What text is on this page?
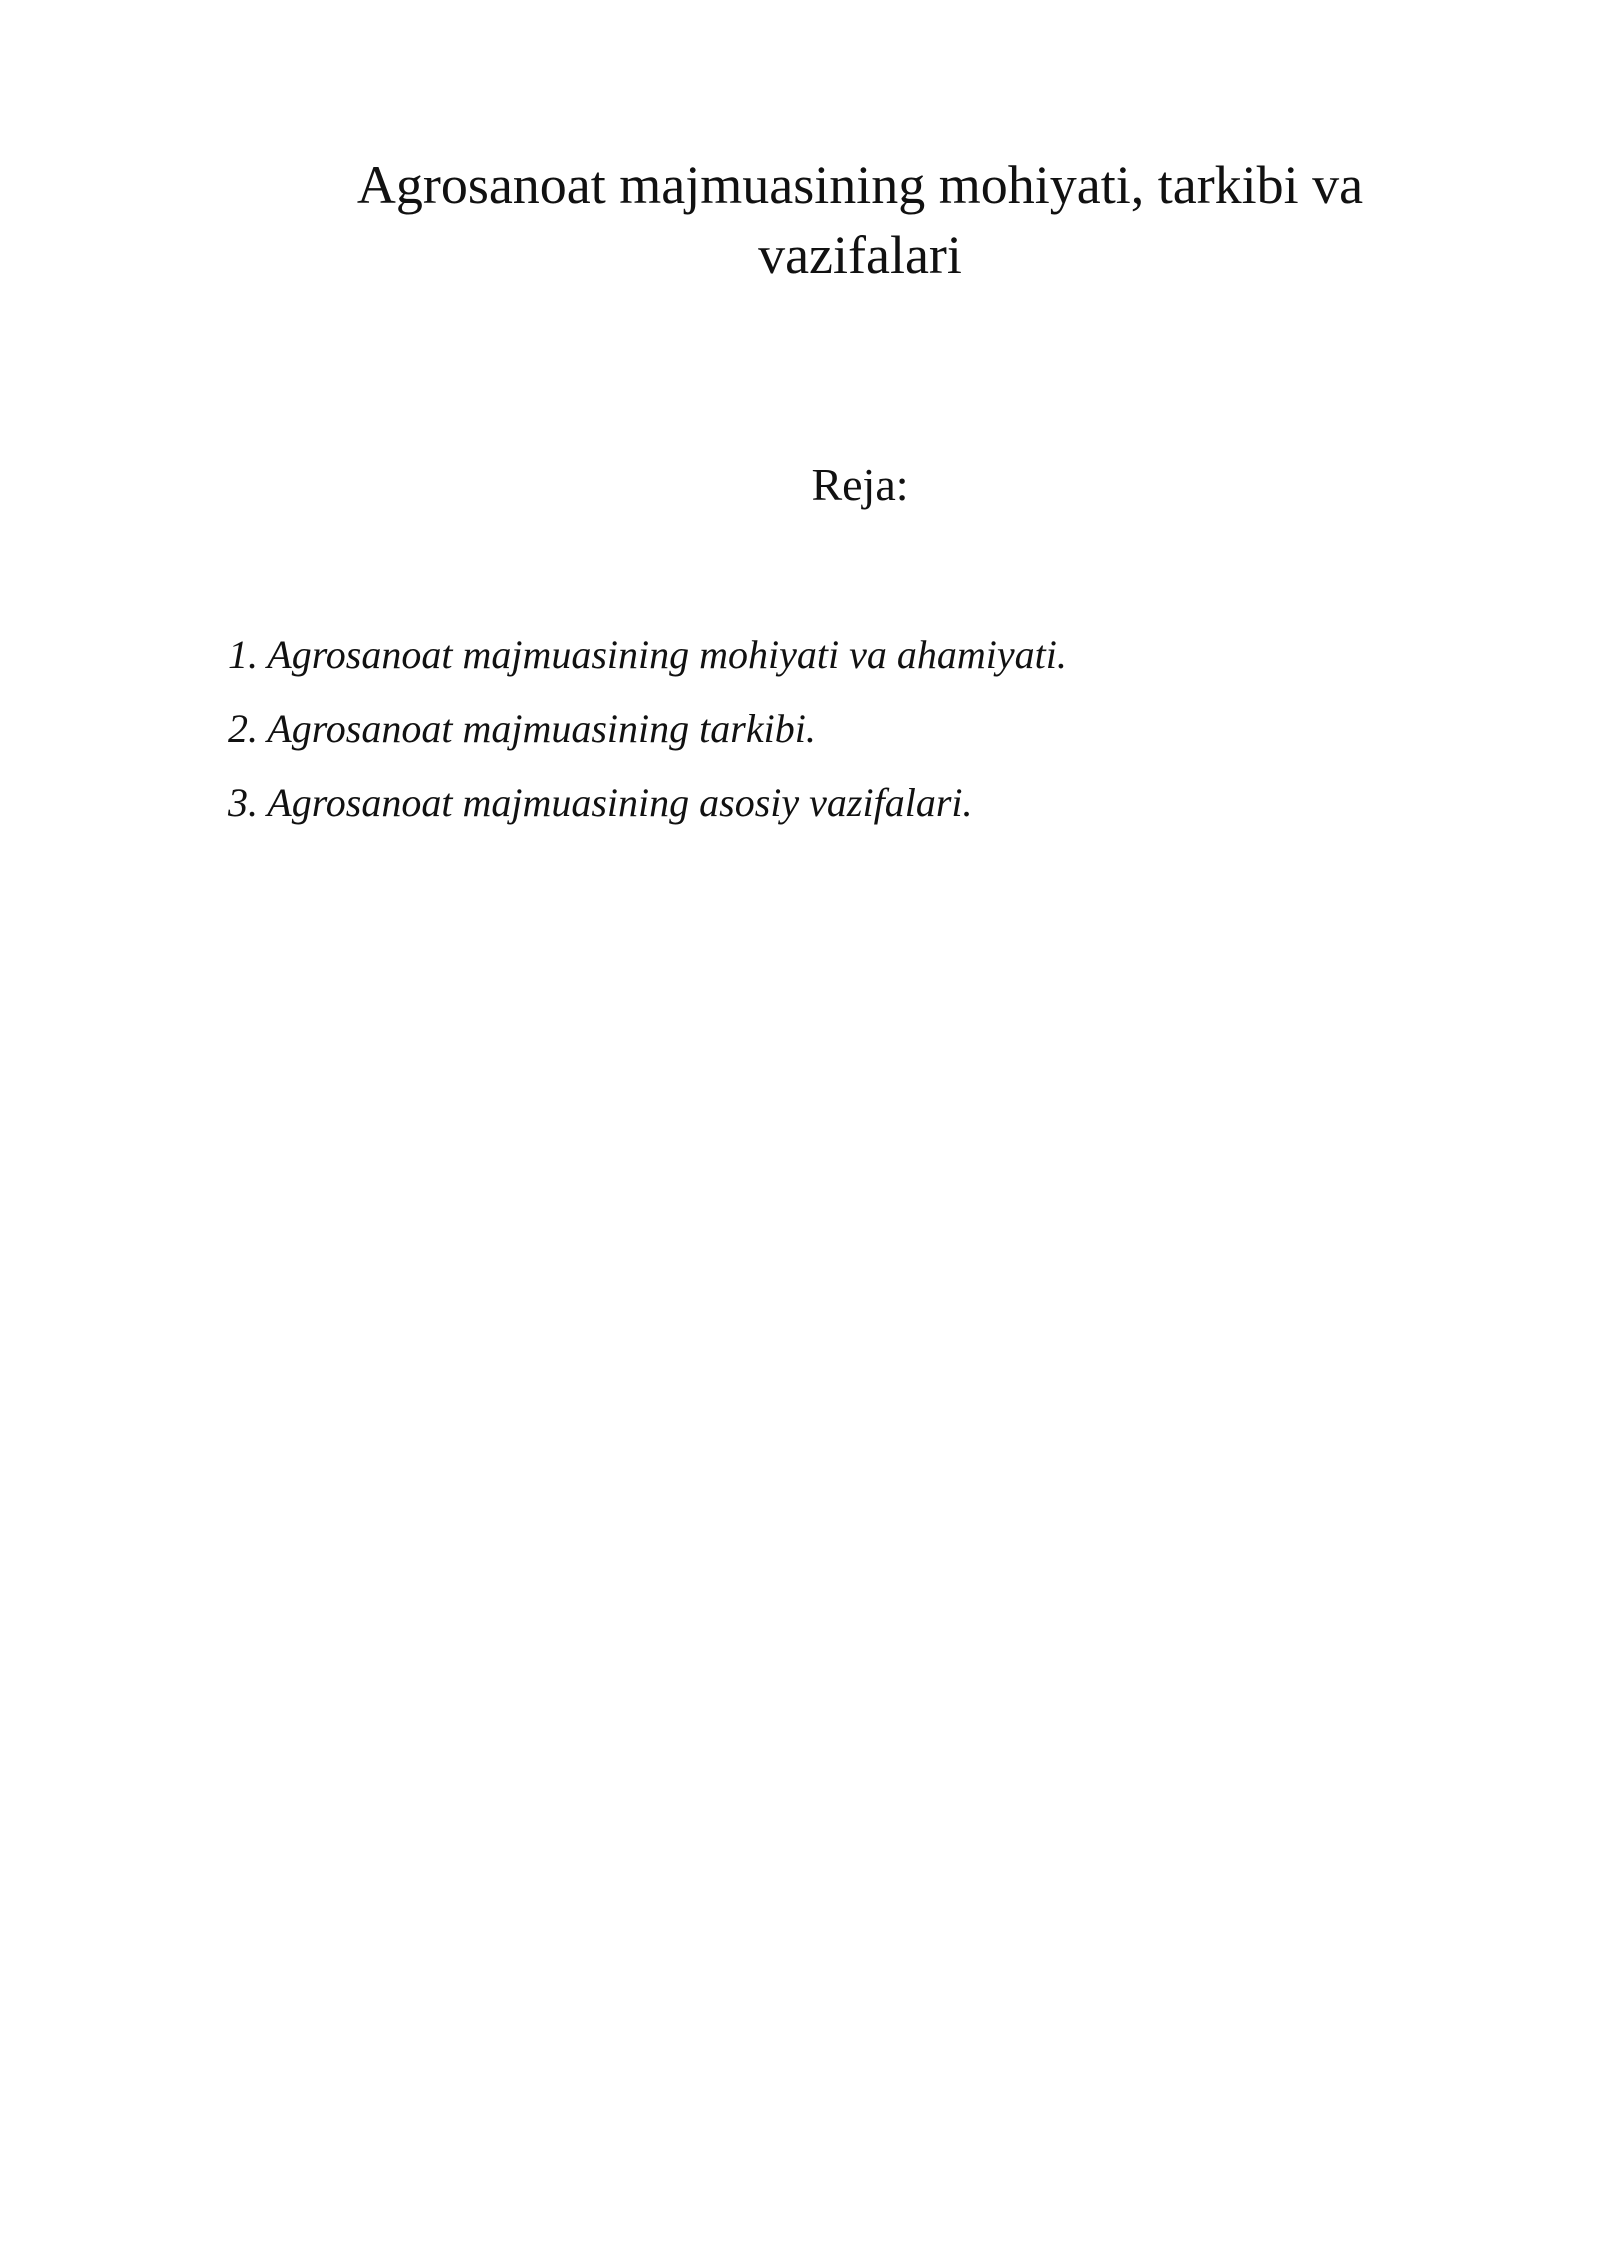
Agrosanoat majmuasining mohiyati, tarkibi va vazifalari
Reja:
1. Agrosanoat majmuasining mohiyati va ahamiyati.
2. Agrosanoat majmuasining tarkibi.
3. Agrosanoat majmuasining asosiy vazifalari.
